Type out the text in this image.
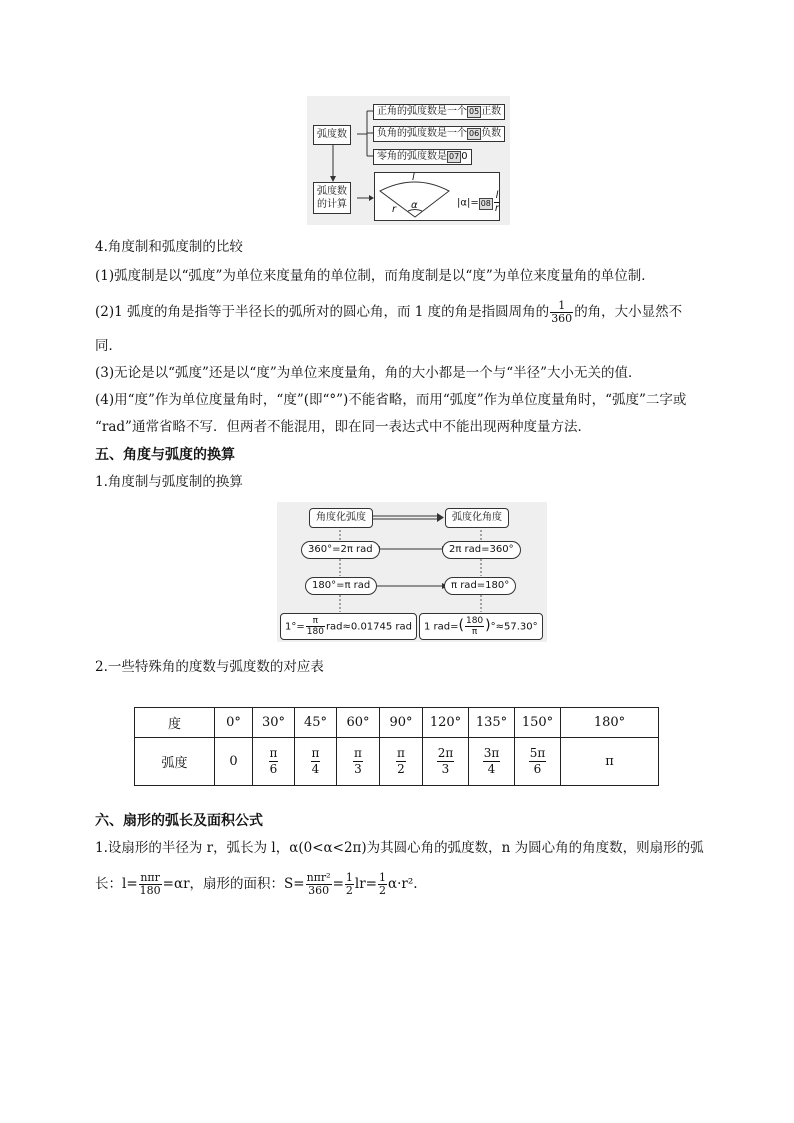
弧度数
正角的弧度数是一个 05 正数
负角的弧度数是一个 06 负数
零角的弧度数是 07 0
弧度数
的计算
l
r α	$|\alpha|= 08 \frac{l}{r}$
4.角度制和弧度制的比较
(1)弧度制是以“弧度”为单位来度量角的单位制，而角度制是以“度”为单位来度量角的单位制．
(2)1 弧度的角是指等于半径长的弧所对的圆心角，而 1 度的角是指圆周角的 $\frac{1}{360}$ 的角，大小显然不
同．
(3)无论是以“弧度”还是以“度”为单位来度量角，角的大小都是一个与“半径”大小无关的值．
(4)用“度”作为单位度量角时，“度”(即“°”)不能省略，而用“弧度”作为单位度量角时，“弧度”二字或
“rad”通常省略不写．但两者不能混用，即在同一表达式中不能出现两种度量方法．
五、角度与弧度的换算
1.角度制与弧度制的换算
角度化弧度	弧度化角度
360°=2π rad	2π rad=360°
180°=π rad	π rad=180°
$1^\circ= \frac{\pi}{180} rad\approx 0.01745$ rad	1 $rad=( \frac{180}{\pi} )^\circ\approx 57.30^\circ$
2.一些特殊角的度数与弧度数的对应表
度	0°	30°	45°	60°	90°	120°	135°	150°	180°
弧度	0	$\frac{\pi}{6}$	$\frac{\pi}{4}$	$\frac{\pi}{3}$	$\frac{\pi}{2}$	$\frac{2\pi}{3}$	$\frac{3\pi}{4}$	$\frac{5\pi}{6}$	π
六、扇形的弧长及面积公式
1.设扇形的半径为 r，弧长为 l，α(0<α<2π)为其圆心角的弧度数，n 为圆心角的角度数，则扇形的弧
长：$l= \frac{\text{nπr}}{180} =\alpha r$，扇形的面积：$S= \frac{\text{nπr²}}{360} = \frac{1}{2} lr= \frac{1}{2} \alpha\cdot r^2$.
